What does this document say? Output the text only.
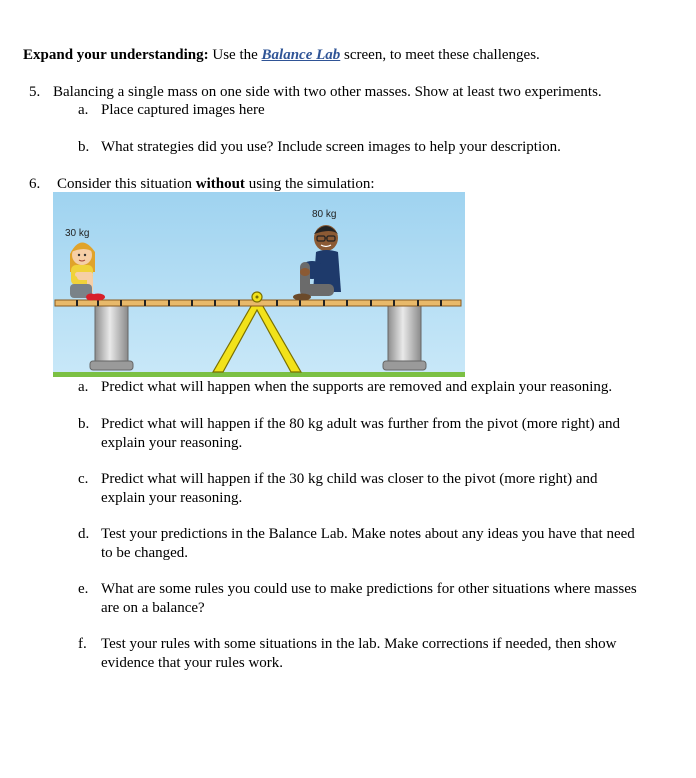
Expand your understanding: Use the Balance Lab screen, to meet these challenges.
5. Balancing a single mass on one side with two other masses. Show at least two experiments.
a. Place captured images here
b. What strategies did you use? Include screen images to help your description.
6. Consider this situation without using the simulation:
30 kg
80 kg
a. Predict what will happen when the supports are removed and explain your reasoning.
b. Predict what will happen if the 80 kg adult was further from the pivot (more right) and
explain your reasoning.
c. Predict what will happen if the 30 kg child was closer to the pivot (more right) and
explain your reasoning.
d. Test your predictions in the Balance Lab. Make notes about any ideas you have that need
to be changed.
e. What are some rules you could use to make predictions for other situations where masses
are on a balance?
f. Test your rules with some situations in the lab. Make corrections if needed, then show
evidence that your rules work.
